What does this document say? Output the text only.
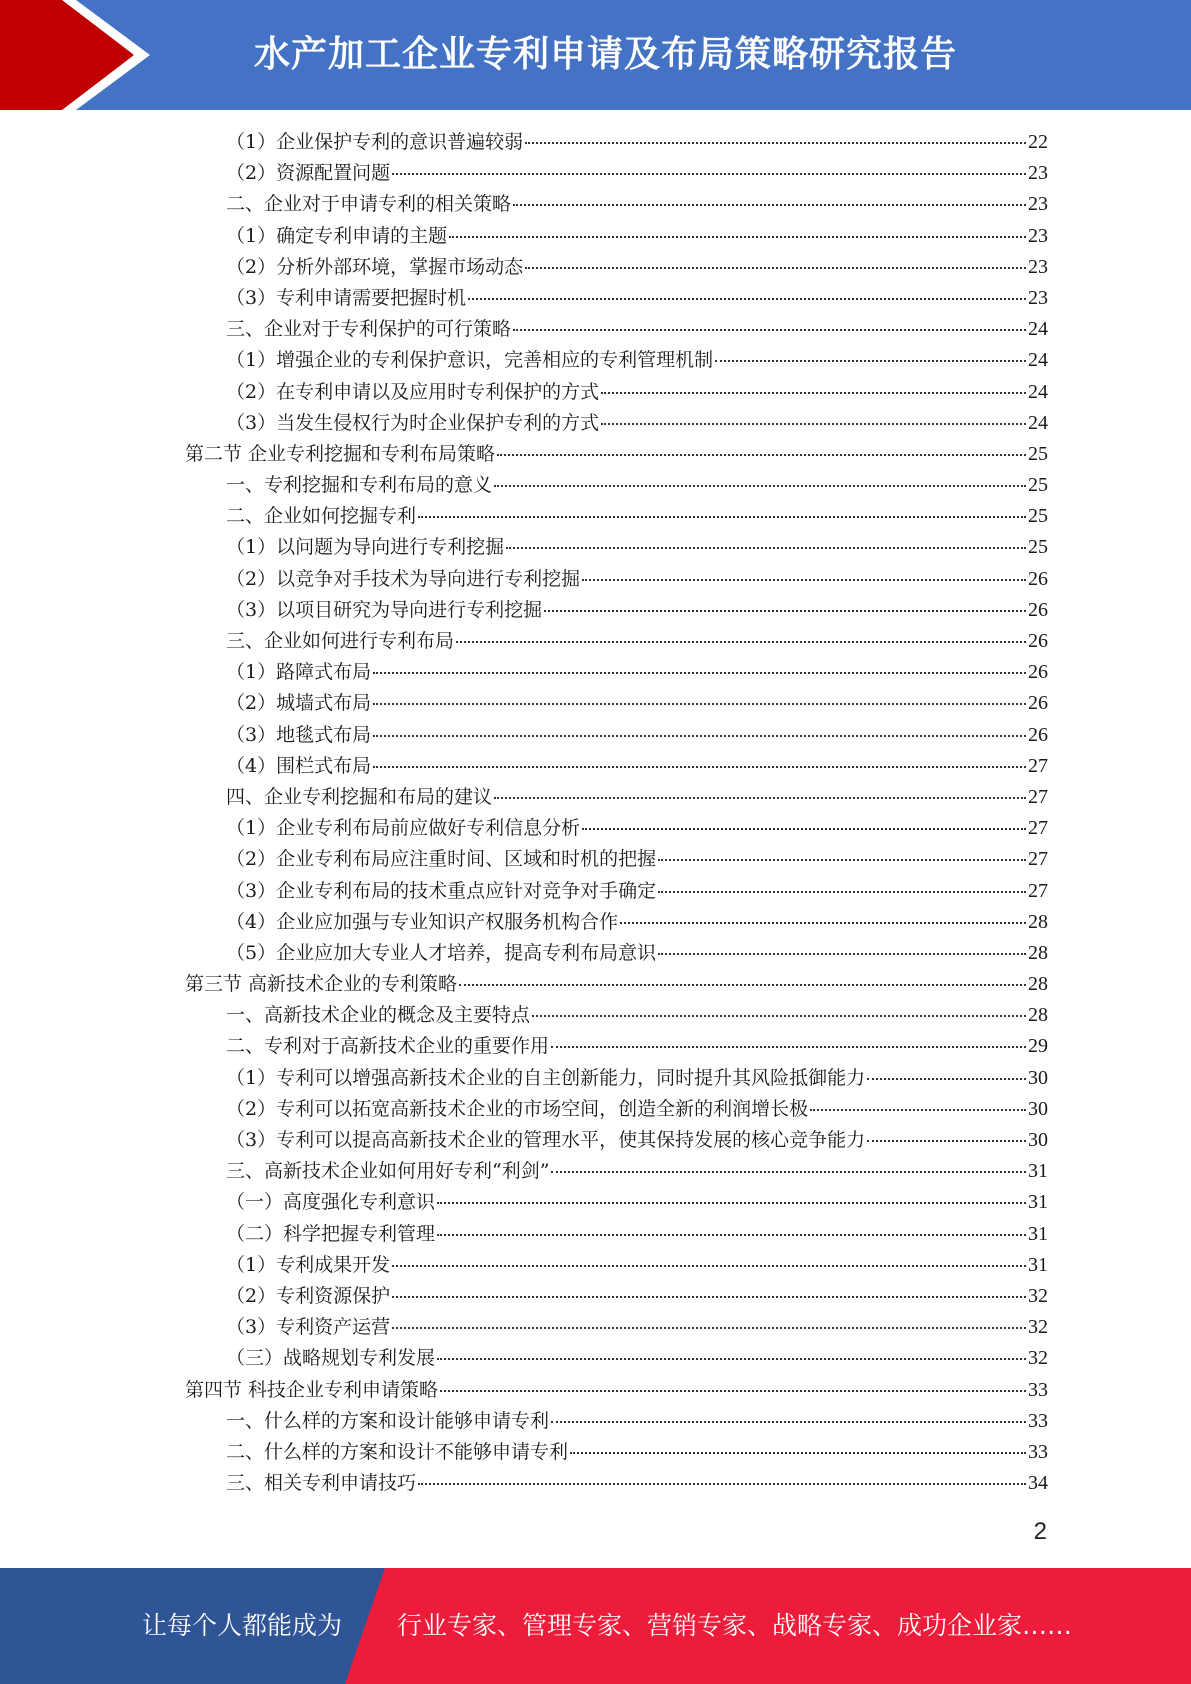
水产加工企业专利申请及布局策略研究报告
（1）企业保护专利的意识普遍较弱	22
（2）资源配置问题	23
二、企业对于申请专利的相关策略	23
（1）确定专利申请的主题	23
（2）分析外部环境，掌握市场动态	23
（3）专利申请需要把握时机	23
三、企业对于专利保护的可行策略	24
（1）增强企业的专利保护意识，完善相应的专利管理机制	24
（2）在专利申请以及应用时专利保护的方式	24
（3）当发生侵权行为时企业保护专利的方式	24
第二节 企业专利挖掘和专利布局策略	25
一、专利挖掘和专利布局的意义	25
二、企业如何挖掘专利	25
（1）以问题为导向进行专利挖掘	25
（2）以竞争对手技术为导向进行专利挖掘	26
（3）以项目研究为导向进行专利挖掘	26
三、企业如何进行专利布局	26
（1）路障式布局	26
（2）城墙式布局	26
（3）地毯式布局	26
（4）围栏式布局	27
四、企业专利挖掘和布局的建议	27
（1）企业专利布局前应做好专利信息分析	27
（2）企业专利布局应注重时间、区域和时机的把握	27
（3）企业专利布局的技术重点应针对竞争对手确定	27
（4）企业应加强与专业知识产权服务机构合作	28
（5）企业应加大专业人才培养，提高专利布局意识	28
第三节 高新技术企业的专利策略	28
一、高新技术企业的概念及主要特点	28
二、专利对于高新技术企业的重要作用	29
（1）专利可以增强高新技术企业的自主创新能力，同时提升其风险抵御能力	30
（2）专利可以拓宽高新技术企业的市场空间，创造全新的利润增长极	30
（3）专利可以提高高新技术企业的管理水平，使其保持发展的核心竞争能力	30
三、高新技术企业如何用好专利“利剑”	31
（一）高度强化专利意识	31
（二）科学把握专利管理	31
（1）专利成果开发	31
（2）专利资源保护	32
（3）专利资产运营	32
（三）战略规划专利发展	32
第四节 科技企业专利申请策略	33
一、什么样的方案和设计能够申请专利	33
二、什么样的方案和设计不能够申请专利	33
三、相关专利申请技巧	34
2
让每个人都能成为 行业专家、管理专家、营销专家、战略专家、成功企业家……
